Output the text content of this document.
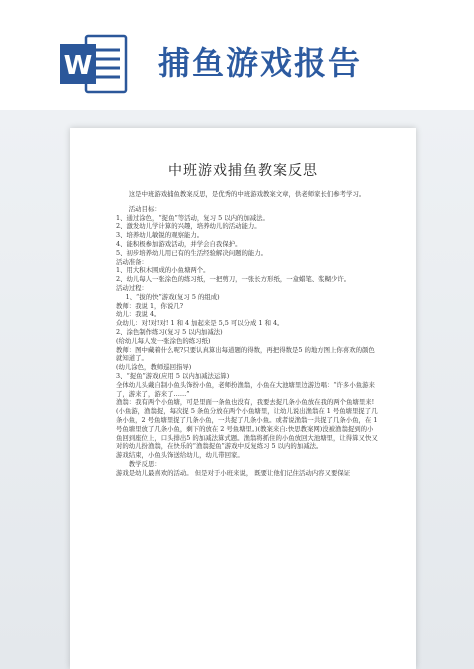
W 捕鱼游戏报告
中班游戏捕鱼教案反思

这是中班游戏捕鱼教案反思，是优秀的中班游戏教案文章，供老师家长们参考学习。

活动目标：

1、通过涂色，“捉鱼”等活动，复习 5 以内的加减法。

2、激发幼儿学计算的兴趣，培养幼儿的活动能力。

3、培养幼儿敏锐的观察能力。

4、能积极参加游戏活动，并学会自我保护。

5、初步培养幼儿用已有的生活经验解决问题的能力。

活动准备：

1、用大积木围成的小鱼塘两个。

2、幼儿每人一张涂色的练习纸，一把剪刀，一张长方形纸，一盒蜡笔、浆糊少许。

活动过程：

1、“拔的快”游戏(复习 5 的组成)

教师：我说 1，你说几?

幼儿：我说 4。

众幼儿：对!对!对! 1 和 4 加起来是 5,5 可以分成 1 和 4。

2、涂色制作练习(复习 5 以内加减法)

(给幼儿每人发一张涂色的练习纸)

教师：图中藏着什么呢?只要认真算出每道题的得数，再把得数是5 的地方图上你喜欢的颜色就知道了。

(幼儿涂色，教师巡回指导)

3、“捉鱼”游戏(应用 5 以内加减法运算)

全体幼儿头戴自制小鱼头饰扮小鱼，老师扮渔翁，小鱼在大池塘里边游边唱：“许多小鱼游来了，游来了，游来了……”

渔翁：我有两个小鱼塘，可是里面一条鱼也没有，我要去捉几条小鱼放在我的两个鱼塘里来!

(小鱼游，渔翁捉，每次捉 5 条鱼分放在两个小鱼塘里，让幼儿说出渔翁在 1 号鱼塘里捉了几条小鱼，2 号鱼塘里捉了几条小鱼，一共捉了几条小鱼。或者说渔翁一共捉了几条小鱼，在 1 号鱼塘里放了几条小鱼，剩下的放在 2 号鱼塘里。)(教案来自:快思教案网)没被渔翁捉到的小鱼回到座位上，口头排出5 的加减法算式题。渔翁将抓住的小鱼放回大池塘里，让得算又快又对的幼儿扮渔翁，在快乐的“渔翁捉鱼”游戏中反复练习 5 以内的加减法。

游戏结束，小鱼头饰送给幼儿，幼儿带回家。

教学反思：

游戏是幼儿最喜欢的活动。 但是对于小班来说， 既要让他们记住活动内容又要保证
